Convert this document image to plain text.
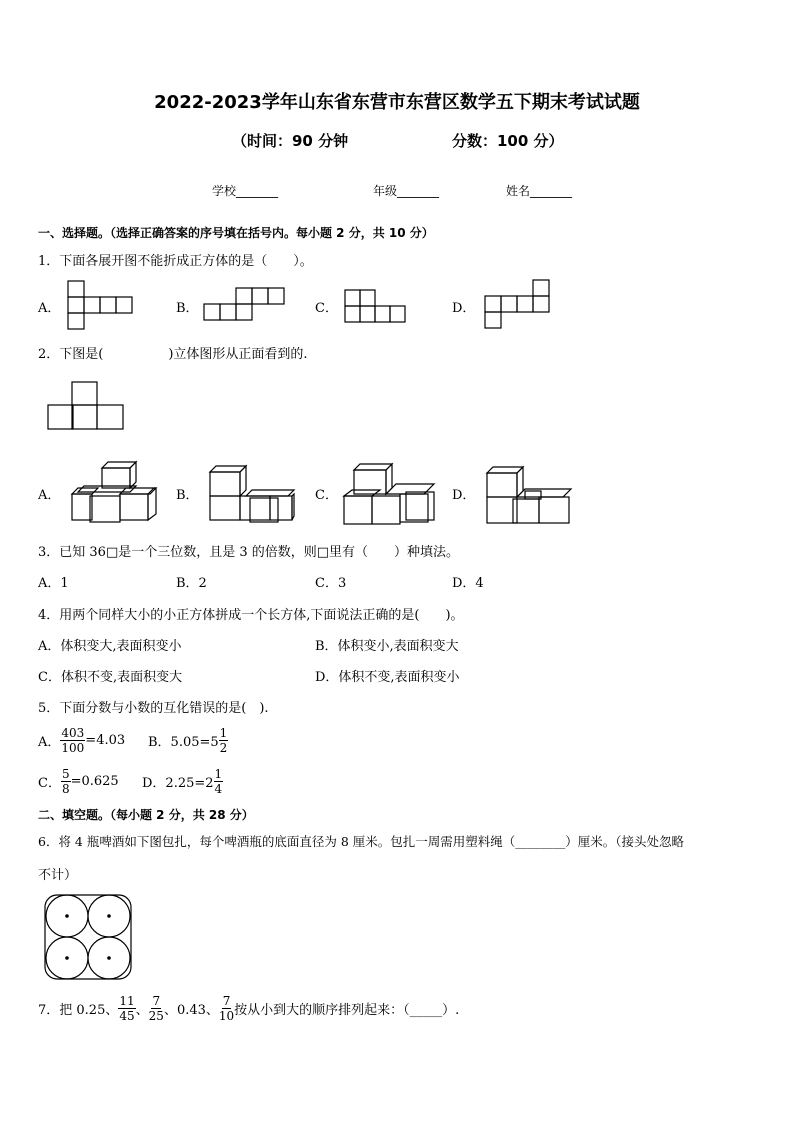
2022-2023学年山东省东营市东营区数学五下期末考试试题
（时间：90 分钟	分数：100 分）
学校_______	年级_______	姓名_______
一、选择题。（选择正确答案的序号填在括号内。每小题 2 分，共 10 分）
1．下面各展开图不能折成正方体的是（　　）。
A．	B．	C．	D．
2．下图是(　　　　　)立体图形从正面看到的.
A．	B．	C．	D．
3．已知 36□是一个三位数，且是 3 的倍数，则□里有（　　）种填法。
A．1	B．2	C．3	D．4
4．用两个同样大小的小正方体拼成一个长方体,下面说法正确的是(　　)。
A．体积变大,表面积变小	B．体积变小,表面积变大
C．体积不变,表面积变大	D．体积不变,表面积变小
5．下面分数与小数的互化错误的是(　).
A． $\frac{403}{100} =4.03$ B．$5.05=5 \frac{1}{2}$
C． $\frac{5}{8} =0.625$ D．$2.25=2 \frac{1}{4}$
二、填空题。（每小题 2 分，共 28 分）
6．将 4 瓶啤酒如下图包扎，每个啤酒瓶的底面直径为 8 厘米。包扎一周需用塑料绳（________）厘米。（接头处忽略
不计）
7．把 0.25、 $\frac{11}{45}$ 、 $\frac{7}{25}$ 、0.43、 $\frac{7}{10}$ 按从小到大的顺序排列起来：（_____）.
